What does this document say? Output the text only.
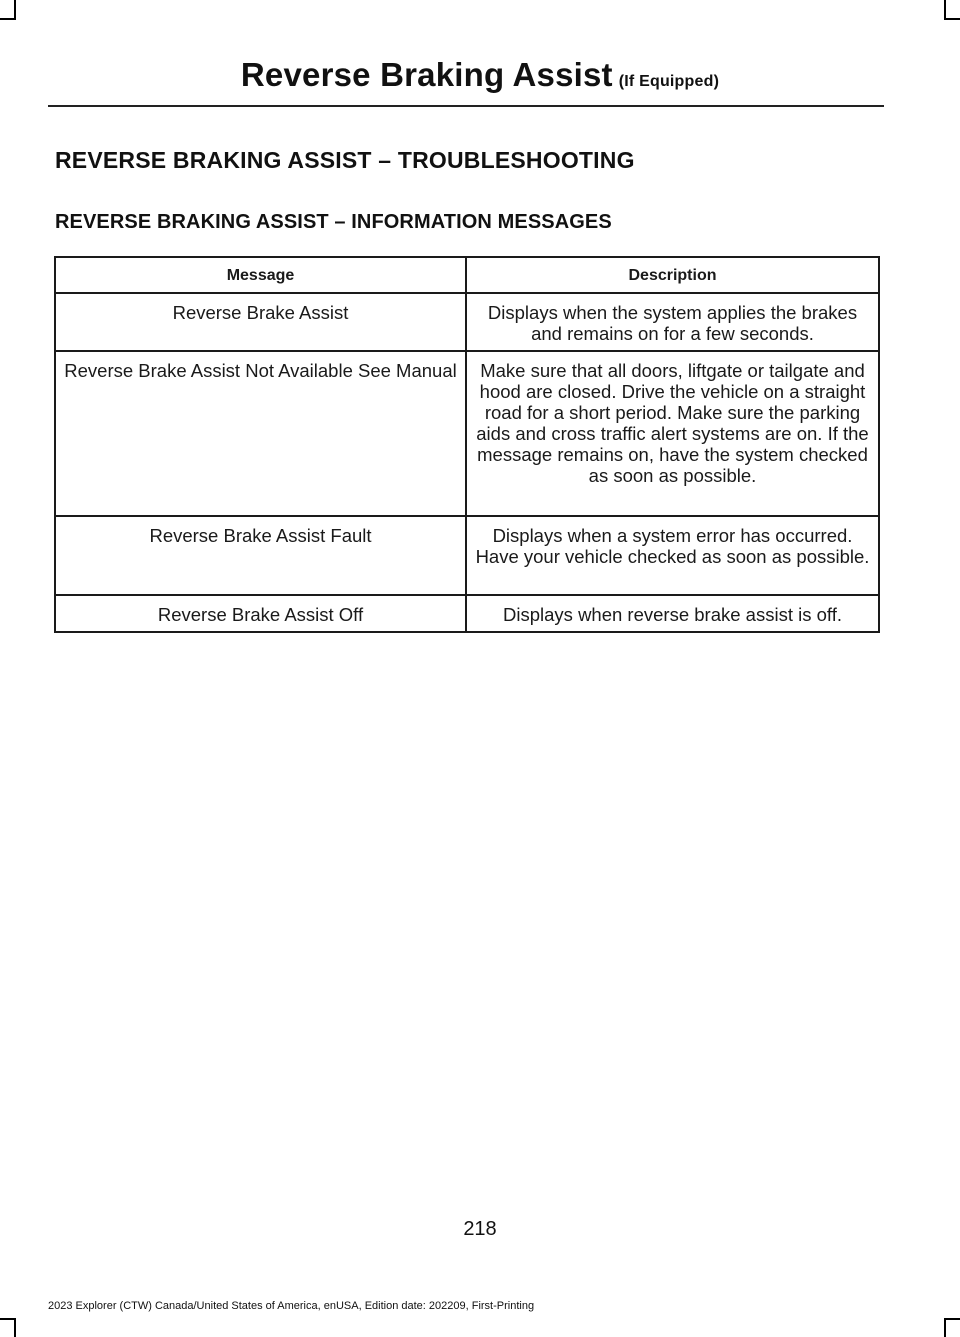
Reverse Braking Assist (If Equipped)
REVERSE BRAKING ASSIST – TROUBLESHOOTING
REVERSE BRAKING ASSIST – INFORMATION MESSAGES
Message	Description
Reverse Brake Assist	Displays when the system applies the brakes and remains on for a few seconds.
Reverse Brake Assist Not Available See Manual	Make sure that all doors, liftgate or tailgate and hood are closed. Drive the vehicle on a straight road for a short period. Make sure the parking aids and cross traffic alert systems are on. If the message remains on, have the system checked as soon as possible.
Reverse Brake Assist Fault	Displays when a system error has occurred. Have your vehicle checked as soon as possible.
Reverse Brake Assist Off	Displays when reverse brake assist is off.
218
2023 Explorer (CTW) Canada/United States of America, enUSA, Edition date: 202209, First-Printing
